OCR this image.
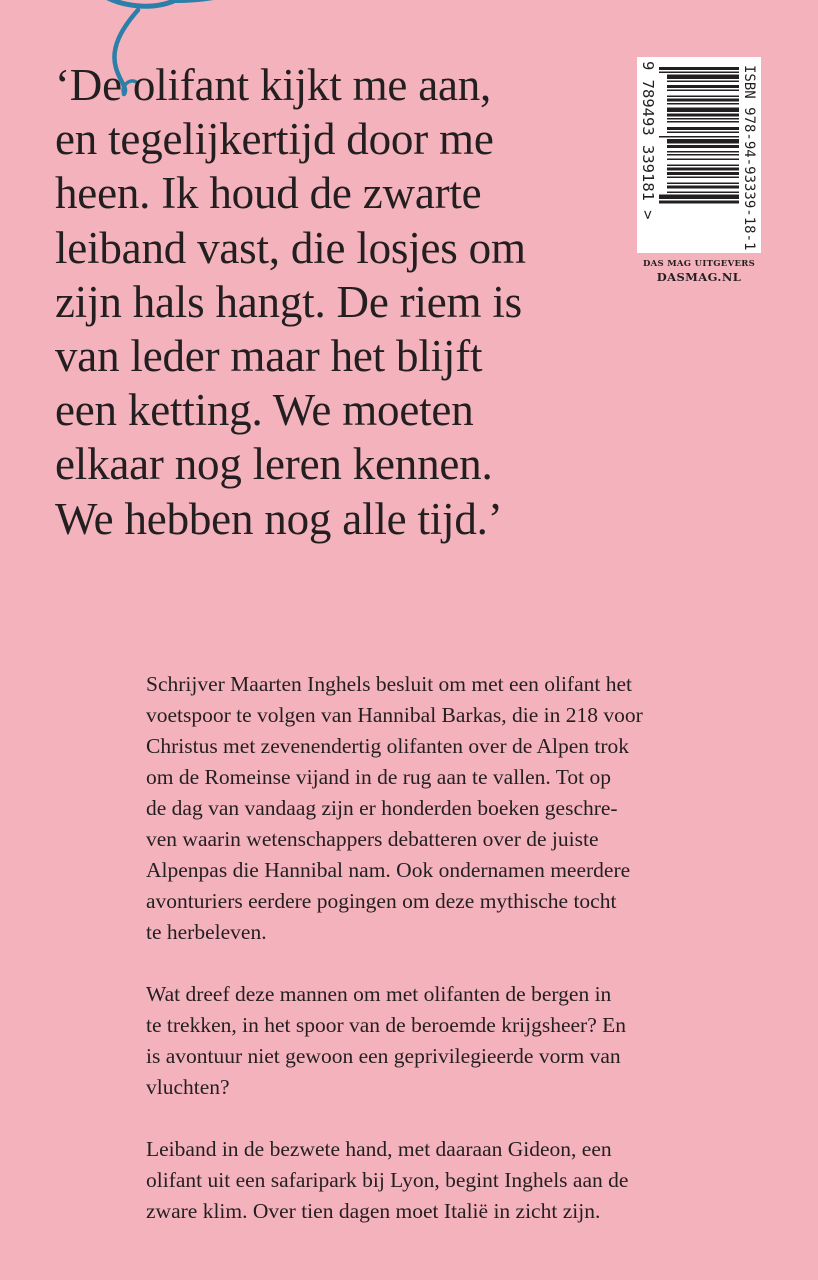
‘De olifant kijkt me aan,
en tegelijkertijd door me
heen. Ik houd de zwarte
leiband vast, die losjes om
zijn hals hangt. De riem is
van leder maar het blijft
een ketting. We moeten
elkaar nog leren kennen.
We hebben nog alle tijd.’
ISBN 978-94-93339-18-1
9 789493 339181 >
DAS MAG UITGEVERS
DASMAG.NL

Schrijver Maarten Inghels besluit om met een olifant het
voetspoor te volgen van Hannibal Barkas, die in 218 voor
Christus met zevenendertig olifanten over de Alpen trok
om de Romeinse vijand in de rug aan te vallen. Tot op
de dag van vandaag zijn er honderden boeken geschre-
ven waarin wetenschappers debatteren over de juiste
Alpenpas die Hannibal nam. Ook ondernamen meerdere
avonturiers eerdere pogingen om deze mythische tocht
te herbeleven.

Wat dreef deze mannen om met olifanten de bergen in
te trekken, in het spoor van de beroemde krijgsheer? En
is avontuur niet gewoon een geprivilegieerde vorm van
vluchten?

Leiband in de bezwete hand, met daaraan Gideon, een
olifant uit een safaripark bij Lyon, begint Inghels aan de
zware klim. Over tien dagen moet Italië in zicht zijn.
